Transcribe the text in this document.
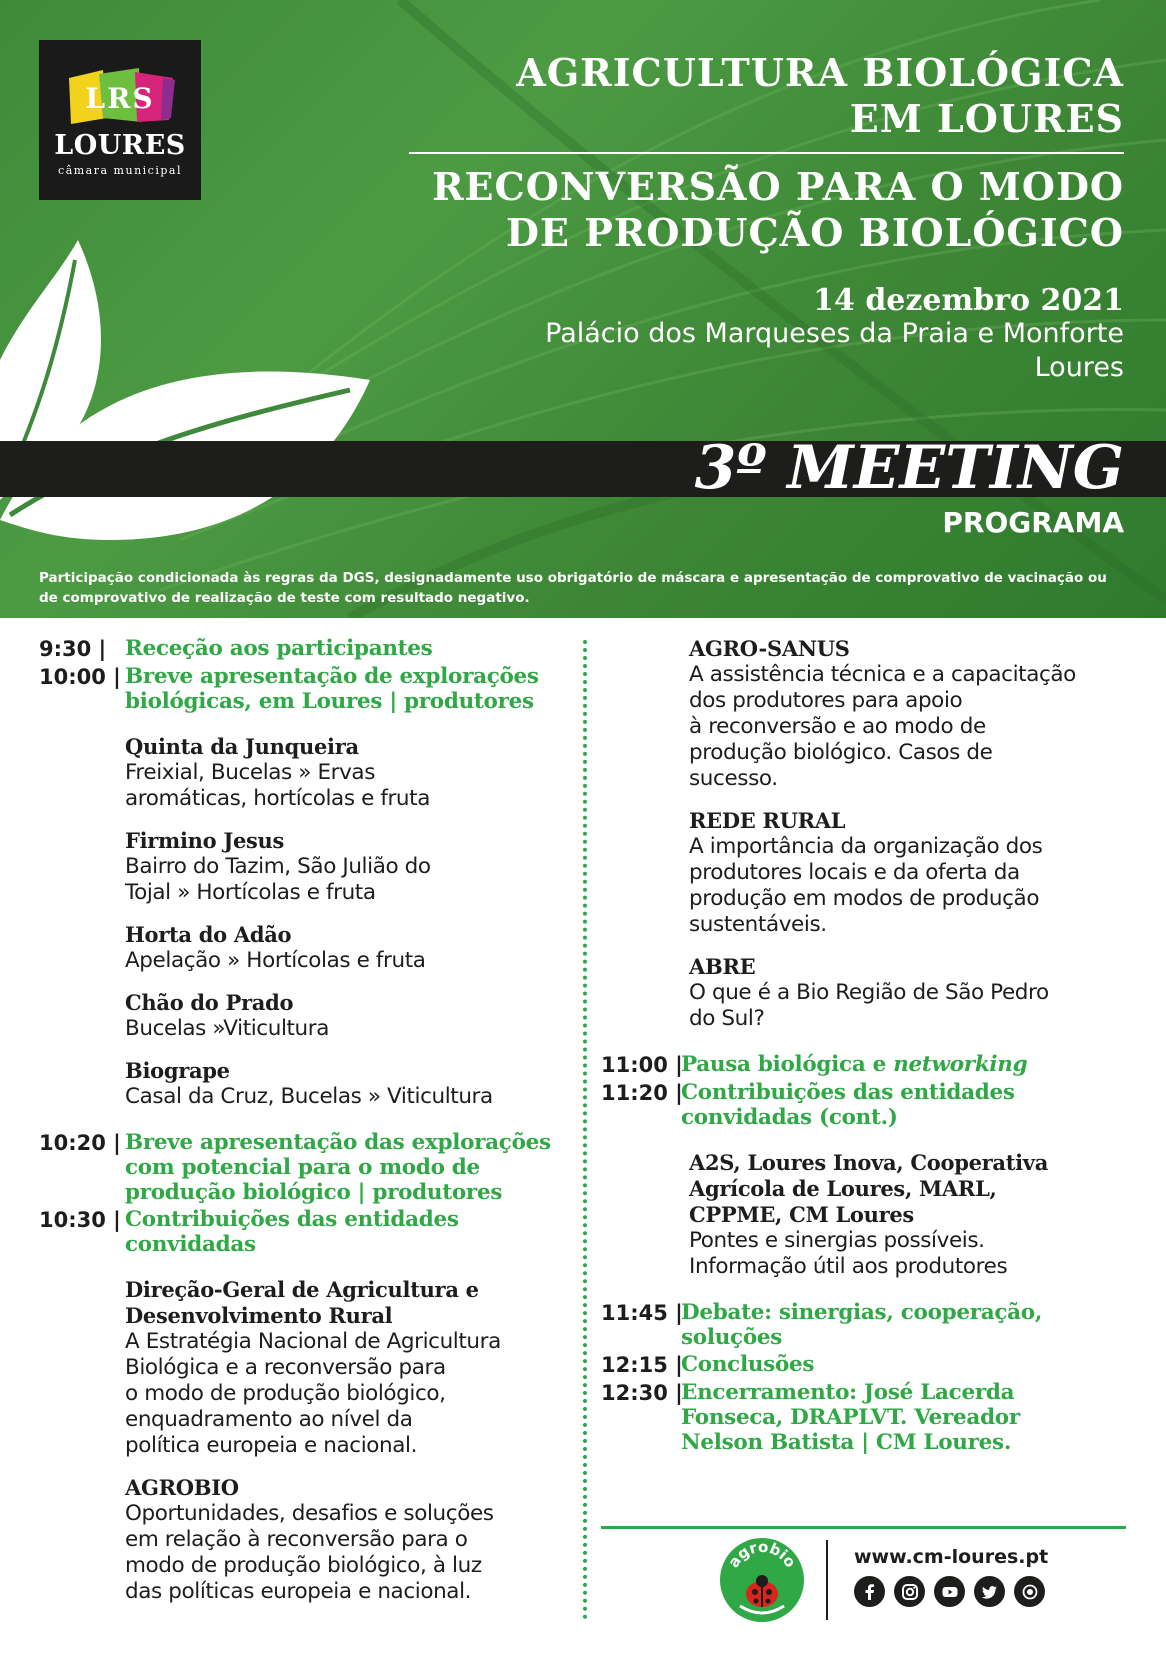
LRS
LOURES
câmara municipal
AGRICULTURA BIOLÓGICA
EM LOURES
RECONVERSÃO PARA O MODO
DE PRODUÇÃO BIOLÓGICO
14 dezembro 2021
Palácio dos Marqueses da Praia e Monforte
Loures
3º MEETING
PROGRAMA
Participação condicionada às regras da DGS, designadamente uso obrigatório de máscara e apresentação de comprovativo de vacinação ou de comprovativo de realização de teste com resultado negativo.
9:30 | Receção aos participantes
10:00 | Breve apresentação de explorações
biológicas, em Loures | produtores
Quinta da Junqueira
Freixial, Bucelas » Ervas
aromáticas, hortícolas e fruta
Firmino Jesus
Bairro do Tazim, São Julião do
Tojal » Hortícolas e fruta
Horta do Adão
Apelação » Hortícolas e fruta
Chão do Prado
Bucelas »Viticultura
Biogrape
Casal da Cruz, Bucelas » Viticultura
10:20 | Breve apresentação das explorações
com potencial para o modo de
produção biológico | produtores
10:30 | Contribuições das entidades
convidadas
Direção-Geral de Agricultura e
Desenvolvimento Rural
A Estratégia Nacional de Agricultura
Biológica e a reconversão para
o modo de produção biológico,
enquadramento ao nível da
política europeia e nacional.
AGROBIO
Oportunidades, desafios e soluções
em relação à reconversão para o
modo de produção biológico, à luz
das políticas europeia e nacional.
AGRO-SANUS
A assistência técnica e a capacitação
dos produtores para apoio
à reconversão e ao modo de
produção biológico. Casos de
sucesso.
REDE RURAL
A importância da organização dos
produtores locais e da oferta da
produção em modos de produção
sustentáveis.
ABRE
O que é a Bio Região de São Pedro
do Sul?
11:00 |
Pausa biológica e networking
11:20 |
Contribuições das entidades
convidadas (cont.)
A2S, Loures Inova, Cooperativa
Agrícola de Loures, MARL,
CPPME, CM Loures
Pontes e sinergias possíveis.
Informação útil aos produtores
11:45 |
Debate: sinergias, cooperação,
soluções
12:15 |
Conclusões
12:30 |
Encerramento: José Lacerda
Fonseca, DRAPLVT. Vereador
Nelson Batista | CM Loures.
agrobio	www.cm-loures.pt
